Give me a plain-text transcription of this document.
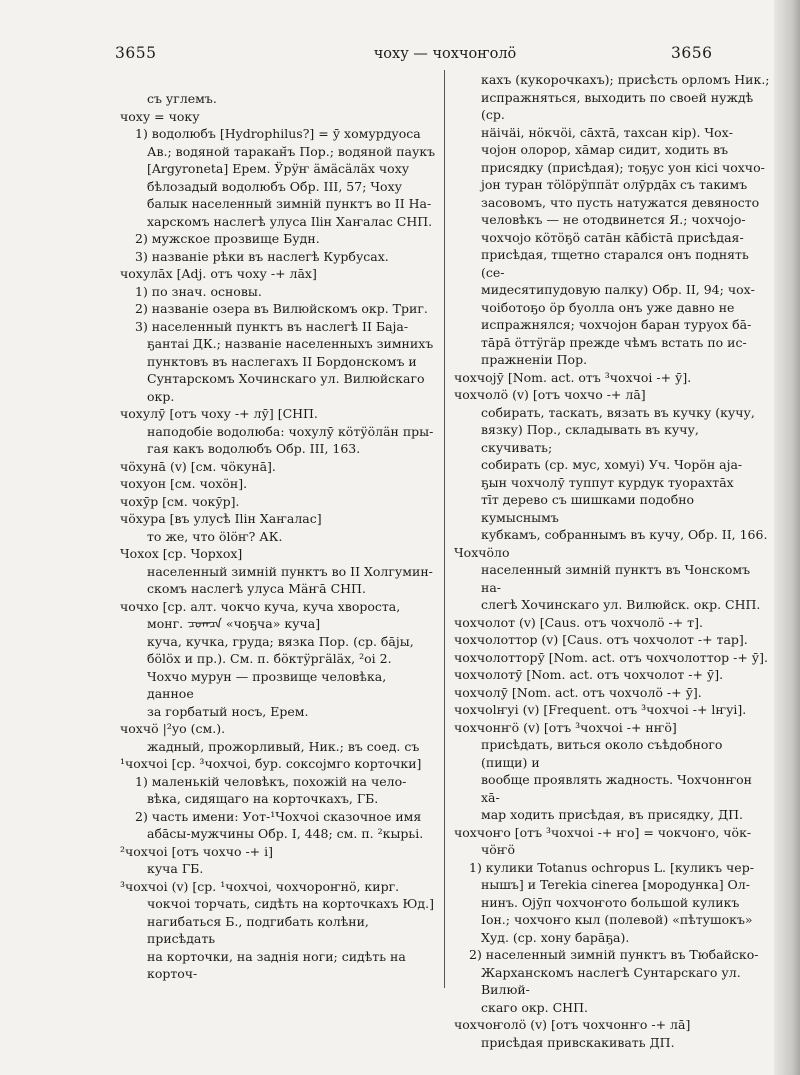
3655	чоху — чохчоҥолӧ	3656

съ углемъ.

чоху = чоку

1) водолюбъ [Hydrophilus?] = ӯ хомурдуоса

Ав.; водяной таракан̆ъ Пор.; водяной паукъ

[Argyroneta] Ерем. Ӱрӱҥ ӓмӓсӓлӓх чоху

бѣлозадый водолюбъ Обр. III, 57; Чоху

балык населенный зимній пунктъ во II На-

харскомъ наслегѣ улуса Ilін Хаҥалас СНП.

2) мужское прозвище Будн.

3) названіе рѣки въ наслегѣ Курбусах.

чохулāх [Adj. отъ чоху -+ лāх]

1) по знач. основы.

2) названіе озера въ Вилюйскомъ окр. Триг.

3) населенный пунктъ въ наслегѣ II Баја-

ҕантаі ДК.; названіе населенныхъ зимнихъ

пунктовъ въ наслегахъ II Бордонскомъ и

Сунтарскомъ Хочинскаго ул. Вилюйскаго окр.

чохулӯ [отъ чоху -+ лӯ] [СНП.

наподобіе водолюба: чохулӯ кӧтӱӧлӓн пры-

гая какъ водолюбъ Обр. III, 163.

чӧхунā (v) [см. чӧкунā].

чохуон [см. чохӧн].

чохӯр [см. чокӯр].

чӧхура [въ улусѣ Ilін Хаҥалас]

то же, что ӧlӧҥ? АК.

Чохох [ср. Чорхох]

населенный зимній пунктъ во II Холгумин-

скомъ наслегѣ улуса Мӓҥā СНП.

чочхо [ср. алт. чокчо куча, куча хвороста,

монг. ᠴᠣᠭᠴᠠ «чоҕча» куча]

куча, кучка, груда; вязка Пор. (ср. бāјы,

бӧlӧх и пр.). См. п. бӧктӱргӓlӓх, ²оі 2.

Чохчо мурун — прозвище человѣка, данное

за горбатый носъ, Ерем.

чохчӧ |²уо (см.).

жадный, прожорливый, Ник.; въ соед. съ

¹чохчоі [ср. ³чохчоі, бур. соксојмго корточки]

1) маленькій человѣкъ, похожій на чело-

вѣка, сидящаго на корточкахъ, ГБ.

2) часть имени: Уот-¹Чохчоі сказочное имя

абāсы-мужчины Обр. I, 448; см. п. ²кырьі.

²чохчоі [отъ чохчо -+ і]

куча ГБ.

³чохчоі (v) [ср. ¹чохчоі, чохчороҥнӧ, кирг.

чокчоі торчать, сидѣть на корточкахъ Юд.]

нагибаться Б., подгибать колѣни, присѣдать

на корточки, на заднія ноги; сидѣть на корточ-

кахъ (кукорочкахъ); присѣсть орломъ Ник.;

испражняться, выходить по своей нуждѣ (ср.

нäічäі, нӧкчӧі, сāхтā, тахсан кір). Чох-

чојон олорор, хāмар сидит, ходить въ

присядку (присѣдая); тоҕус уон кісі чохчо-

јон туран тӧlӧрӱппӓт олӯрдāх съ такимъ

засовомъ, что пусть натужатся девяносто

человѣкъ — не отодвинется Я.; чохчојо-

чохчојо кӧтӧҕӧ сатāн кāбістā присѣдая-

присѣдая, тщетно старался онъ поднять (се-

мидесятипудовую палку) Обр. II, 94; чох-

чоіботоҕо ӧр буолла онъ уже давно не

испражнялся; чохчојон баран туруох бā-

тāрā ӧттӱгӓр прежде чѣмъ встать по ис-

пражненіи Пор.

чохчојӯ [Nom. act. отъ ³чохчоі -+ ӯ].

чохчолӧ (v) [отъ чохчо -+ лā]

собирать, таскать, вязать въ кучку (кучу,

вязку) Пор., складывать въ кучу, скучивать;

собирать (ср. мус, хомуі) Уч. Чорӧн аја-

ҕын чохчолӯ туппут курдук туорахтāх

тīт дерево съ шишками подобно кумыснымъ

кубкамъ, собраннымъ въ кучу, Обр. II, 166.

Чохчӧло

населенный зимній пунктъ въ Чонскомъ на-

слегѣ Хочинскаго ул. Вилюйск. окр. СНП.

чохчолот (v) [Caus. отъ чохчолӧ -+ т].

чохчолоттор (v) [Caus. отъ чохчолот -+ тар].

чохчолотторӯ [Nom. act. отъ чохчолоттор -+ ӯ].

чохчолотӯ [Nom. act. отъ чохчолот -+ ӯ].

чохчолӯ [Nom. act. отъ чохчолӧ -+ ӯ].

чохчоlҥуі (v) [Frequent. отъ ³чохчоі -+ lҥуі].

чохчонҥӧ (v) [отъ ³чохчоі -+ нҥӧ]

присѣдать, виться около съѣдобного (пищи) и

вообще проявлять жадность. Чохчонҥон хā-

мар ходить присѣдая, въ присядку, ДП.

чохчоҥо [отъ ³чохчоі -+ ҥо] = чокчоҥо, чӧк-

чӧҥӧ

1) кулики Totanus ochropus L. [куликъ чер-

нышъ] и Terekia cinerea [мородунка] Ол-

нинъ. Ојӯп чохчоҥото большой куликъ

Іон.; чохчоҥо кыл (полевой) «пѣтушокъ»

Худ. (ср. хону барāҕа).

2) населенный зимній пунктъ въ Тюбайско-

Жарханскомъ наслегѣ Сунтарскаго ул. Вилюй-

скаго окр. СНП.

чохчоҥолӧ (v) [отъ чохчонҥо -+ лā]

присѣдая привскакивать ДП.
